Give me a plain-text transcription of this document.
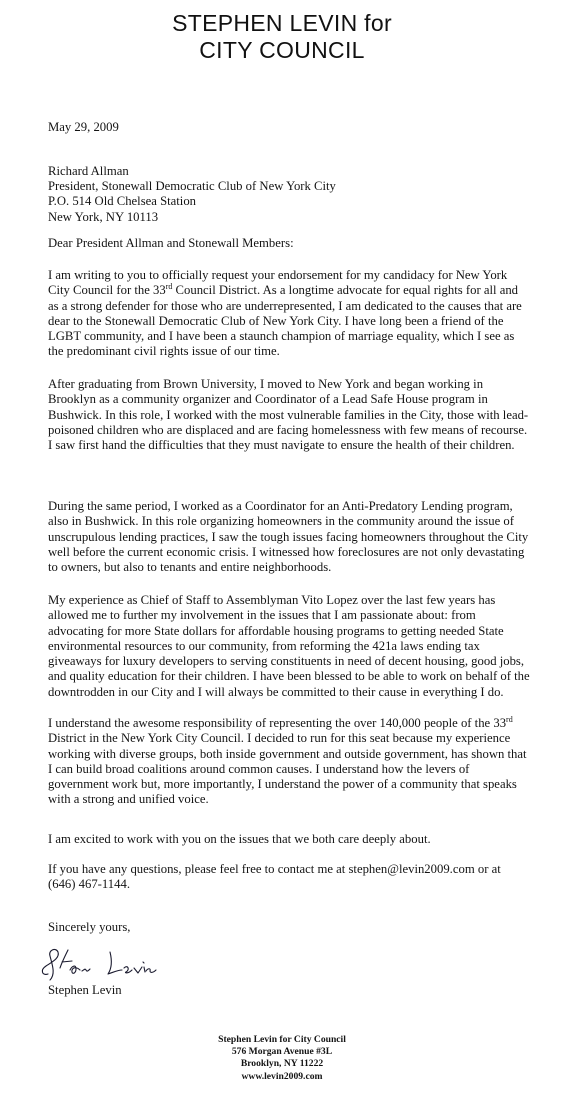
STEPHEN LEVIN for
CITY COUNCIL
May 29, 2009
Richard Allman
President, Stonewall Democratic Club of New York City
P.O. 514 Old Chelsea Station
New York, NY 10113
Dear President Allman and Stonewall Members:

I am writing to you to officially request your endorsement for my candidacy for New York City Council for the 33rd Council District. As a longtime advocate for equal rights for all and as a strong defender for those who are underrepresented, I am dedicated to the causes that are dear to the Stonewall Democratic Club of New York City. I have long been a friend of the LGBT community, and I have been a staunch champion of marriage equality, which I see as the predominant civil rights issue of our time.

After graduating from Brown University, I moved to New York and began working in Brooklyn as a community organizer and Coordinator of a Lead Safe House program in Bushwick. In this role, I worked with the most vulnerable families in the City, those with lead-poisoned children who are displaced and are facing homelessness with few means of recourse. I saw first hand the difficulties that they must navigate to ensure the health of their children.

During the same period, I worked as a Coordinator for an Anti-Predatory Lending program, also in Bushwick. In this role organizing homeowners in the community around the issue of unscrupulous lending practices, I saw the tough issues facing homeowners throughout the City well before the current economic crisis. I witnessed how foreclosures are not only devastating to owners, but also to tenants and entire neighborhoods.

My experience as Chief of Staff to Assemblyman Vito Lopez over the last few years has allowed me to further my involvement in the issues that I am passionate about: from advocating for more State dollars for affordable housing programs to getting needed State environmental resources to our community, from reforming the 421a laws ending tax giveaways for luxury developers to serving constituents in need of decent housing, good jobs, and quality education for their children. I have been blessed to be able to work on behalf of the downtrodden in our City and I will always be committed to their cause in everything I do.

I understand the awesome responsibility of representing the over 140,000 people of the 33rd District in the New York City Council. I decided to run for this seat because my experience working with diverse groups, both inside government and outside government, has shown that I can build broad coalitions around common causes. I understand how the levers of government work but, more importantly, I understand the power of a community that speaks with a strong and unified voice.

I am excited to work with you on the issues that we both care deeply about.

If you have any questions, please feel free to contact me at stephen@levin2009.com or at (646) 467-1144.

Sincerely yours,
Stephen Levin
Stephen Levin for City Council
576 Morgan Avenue #3L
Brooklyn, NY 11222
www.levin2009.com
